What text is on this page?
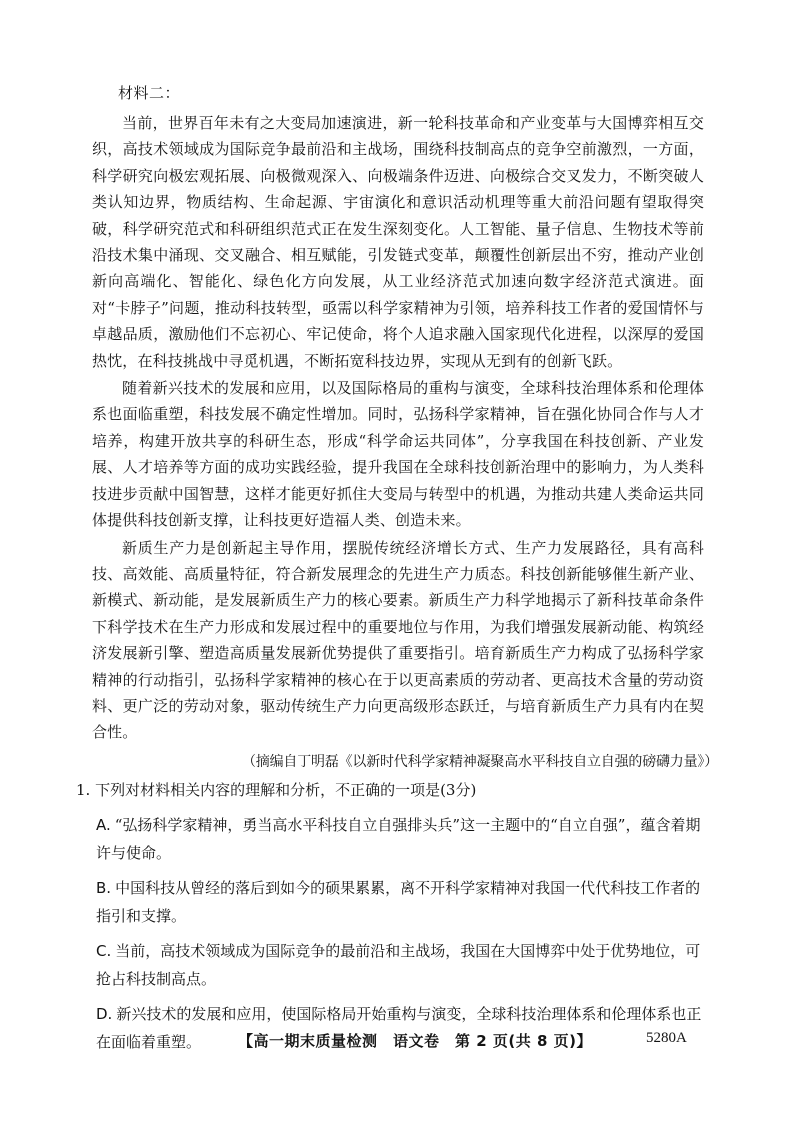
材料二：

当前，世界百年未有之大变局加速演进，新一轮科技革命和产业变革与大国博弈相互交织，高技术领域成为国际竞争最前沿和主战场，围绕科技制高点的竞争空前激烈，一方面，科学研究向极宏观拓展、向极微观深入、向极端条件迈进、向极综合交叉发力，不断突破人类认知边界，物质结构、生命起源、宇宙演化和意识活动机理等重大前沿问题有望取得突破，科学研究范式和科研组织范式正在发生深刻变化。人工智能、量子信息、生物技术等前沿技术集中涌现、交叉融合、相互赋能，引发链式变革，颠覆性创新层出不穷，推动产业创新向高端化、智能化、绿色化方向发展，从工业经济范式加速向数字经济范式演进。面对“卡脖子”问题，推动科技转型，亟需以科学家精神为引领，培养科技工作者的爱国情怀与卓越品质，激励他们不忘初心、牢记使命，将个人追求融入国家现代化进程，以深厚的爱国热忱，在科技挑战中寻觅机遇，不断拓宽科技边界，实现从无到有的创新飞跃。

随着新兴技术的发展和应用，以及国际格局的重构与演变，全球科技治理体系和伦理体系也面临重塑，科技发展不确定性增加。同时，弘扬科学家精神，旨在强化协同合作与人才培养，构建开放共享的科研生态，形成“科学命运共同体”，分享我国在科技创新、产业发展、人才培养等方面的成功实践经验，提升我国在全球科技创新治理中的影响力，为人类科技进步贡献中国智慧，这样才能更好抓住大变局与转型中的机遇，为推动共建人类命运共同体提供科技创新支撑，让科技更好造福人类、创造未来。

新质生产力是创新起主导作用，摆脱传统经济增长方式、生产力发展路径，具有高科技、高效能、高质量特征，符合新发展理念的先进生产力质态。科技创新能够催生新产业、新模式、新动能，是发展新质生产力的核心要素。新质生产力科学地揭示了新科技革命条件下科学技术在生产力形成和发展过程中的重要地位与作用，为我们增强发展新动能、构筑经济发展新引擎、塑造高质量发展新优势提供了重要指引。培育新质生产力构成了弘扬科学家精神的行动指引，弘扬科学家精神的核心在于以更高素质的劳动者、更高技术含量的劳动资料、更广泛的劳动对象，驱动传统生产力向更高级形态跃迁，与培育新质生产力具有内在契合性。

（摘编自丁明磊《以新时代科学家精神凝聚高水平科技自立自强的磅礴力量》）
1. 下列对材料相关内容的理解和分析，不正确的一项是(3分)
A. “弘扬科学家精神，勇当高水平科技自立自强排头兵”这一主题中的“自立自强”，蕴含着期许与使命。
B. 中国科技从曾经的落后到如今的硕果累累，离不开科学家精神对我国一代代科技工作者的指引和支撑。
C. 当前，高技术领域成为国际竞争的最前沿和主战场，我国在大国博弈中处于优势地位，可抢占科技制高点。
D. 新兴技术的发展和应用，使国际格局开始重构与演变，全球科技治理体系和伦理体系也正在面临着重塑。	【高一期末质量检测　语文卷　第 2 页(共 8 页)】	5280A
